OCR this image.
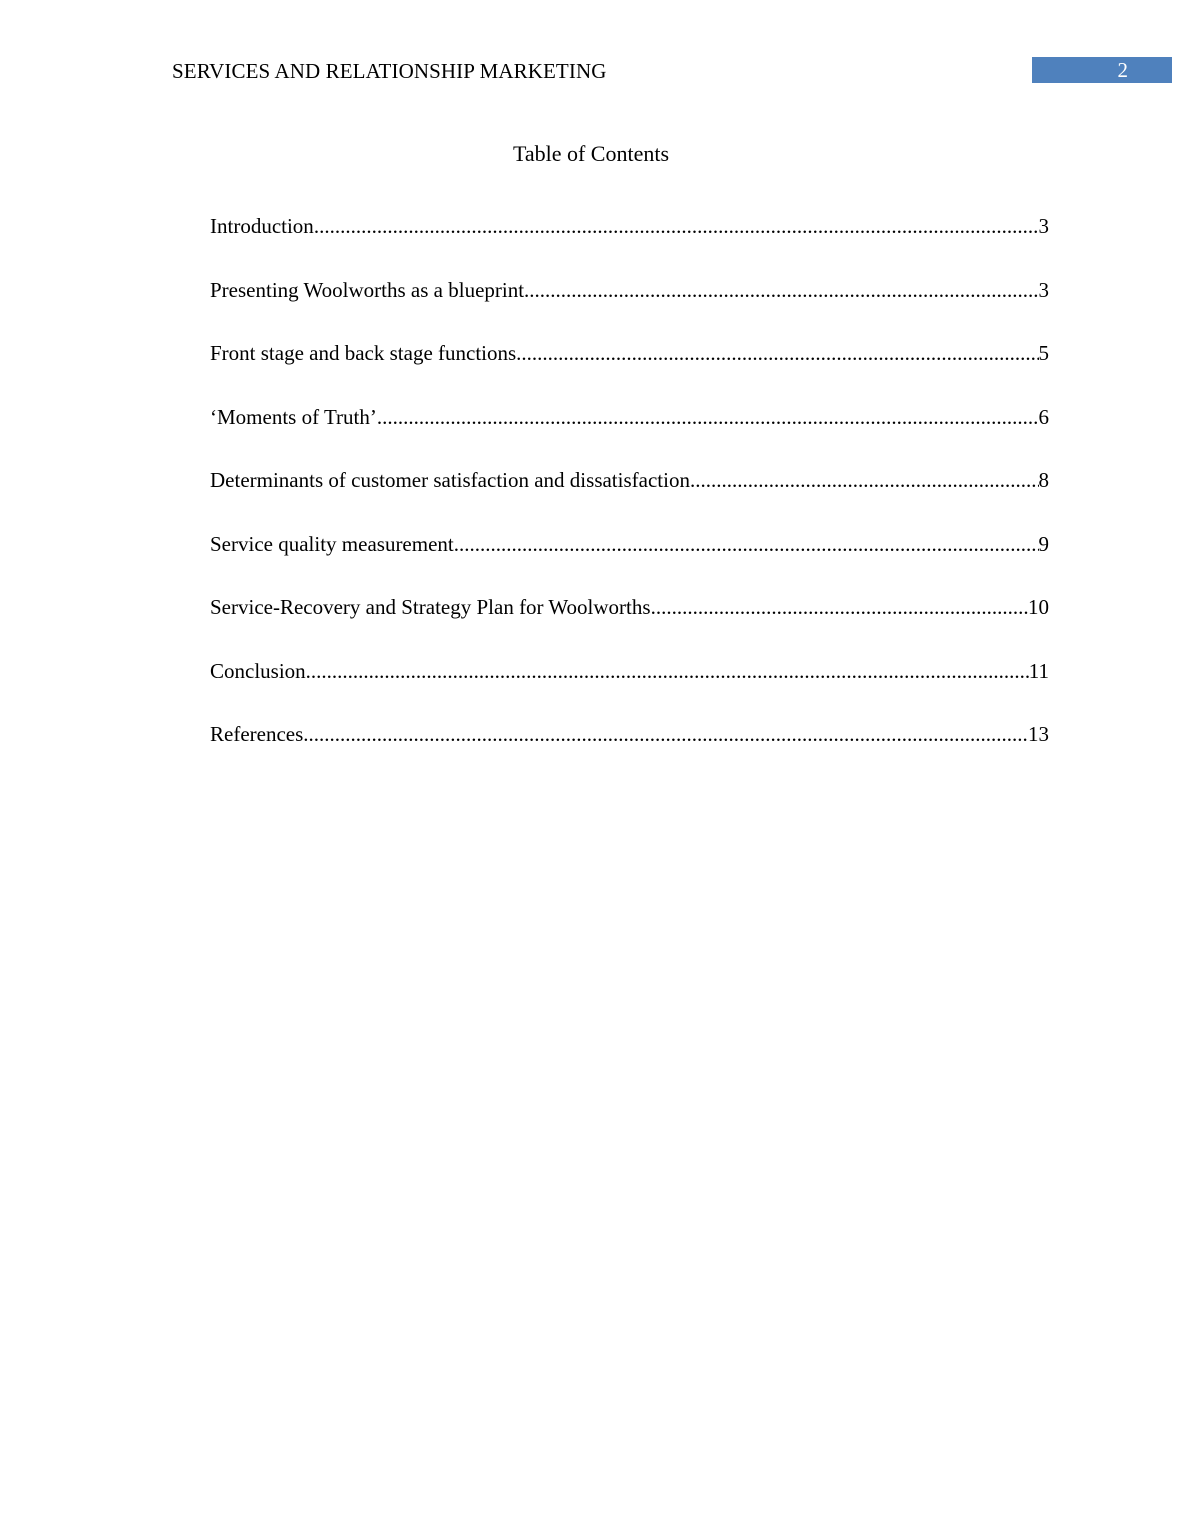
SERVICES AND RELATIONSHIP MARKETING	2
Table of Contents
Introduction .....	3
Presenting Woolworths as a blueprint .....	3
Front stage and back stage functions .....	5
‘Moments of Truth’ .....	6
Determinants of customer satisfaction and dissatisfaction .....	8
Service quality measurement .....	9
Service-Recovery and Strategy Plan for Woolworths .....	10
Conclusion .....	11
References .....	13
